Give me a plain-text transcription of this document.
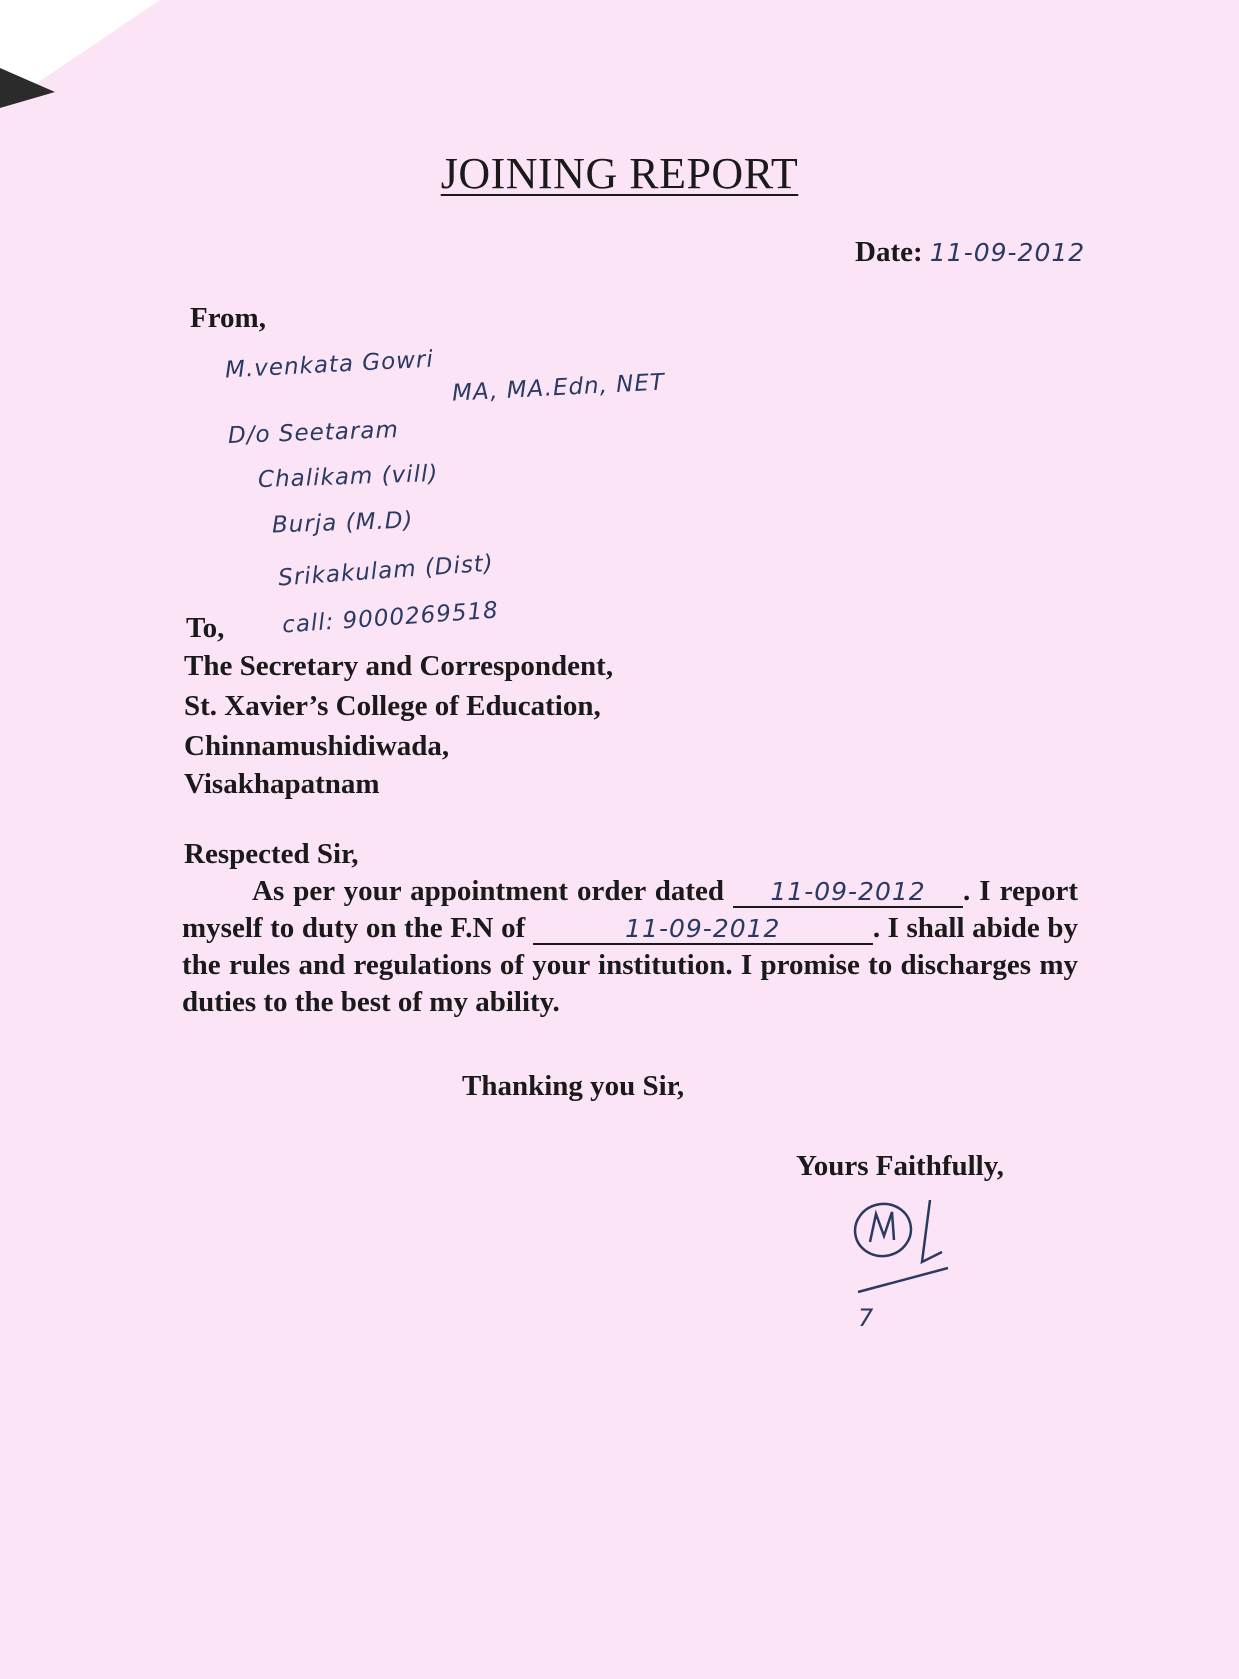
JOINING REPORT
Date: 11-09-2012
From,
M.venkata Gowri
MA, MA.Edn, NET
D/o Seetaram
Chalikam (vill)
Burja (M.D)
Srikakulam (Dist)
call: 9000269518
To,
The Secretary and Correspondent,
St. Xavier’s College of Education,
Chinnamushidiwada,
Visakhapatnam
Respected Sir,
As per your appointment order dated 11-09-2012 . I report myself to duty on the F.N of	11-09-2012	. I shall abide by the rules and regulations of your institution. I promise to discharges my duties to the best of my ability.
Thanking you Sir,
Yours Faithfully,
7
